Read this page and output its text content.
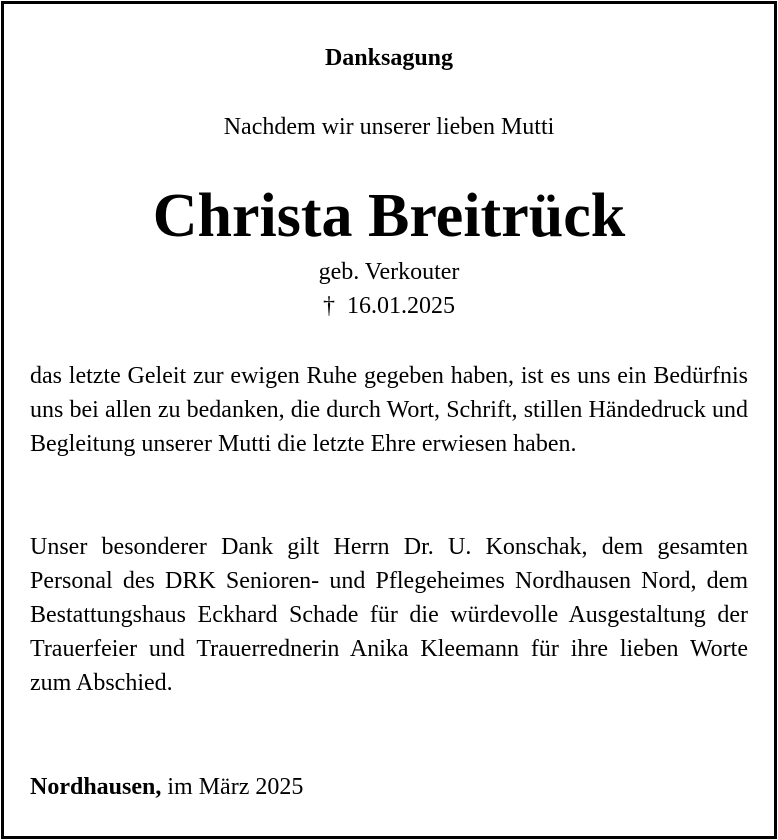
Danksagung
Nachdem wir unserer lieben Mutti
Christa Breitrück
geb. Verkouter
† 16.01.2025
das letzte Geleit zur ewigen Ruhe gegeben haben, ist es uns ein Bedürfnis uns bei allen zu bedanken, die durch Wort, Schrift, stillen Händedruck und Begleitung unserer Mutti die letzte Ehre erwiesen haben.
Unser besonderer Dank gilt Herrn Dr. U. Konschak, dem gesamten Personal des DRK Senioren- und Pflegeheimes Nordhausen Nord, dem Bestattungshaus Eckhard Schade für die würdevolle Ausgestaltung der Trauerfeier und Trauerrednerin Anika Kleemann für ihre lieben Worte zum Abschied.
Nordhausen, im März 2025
